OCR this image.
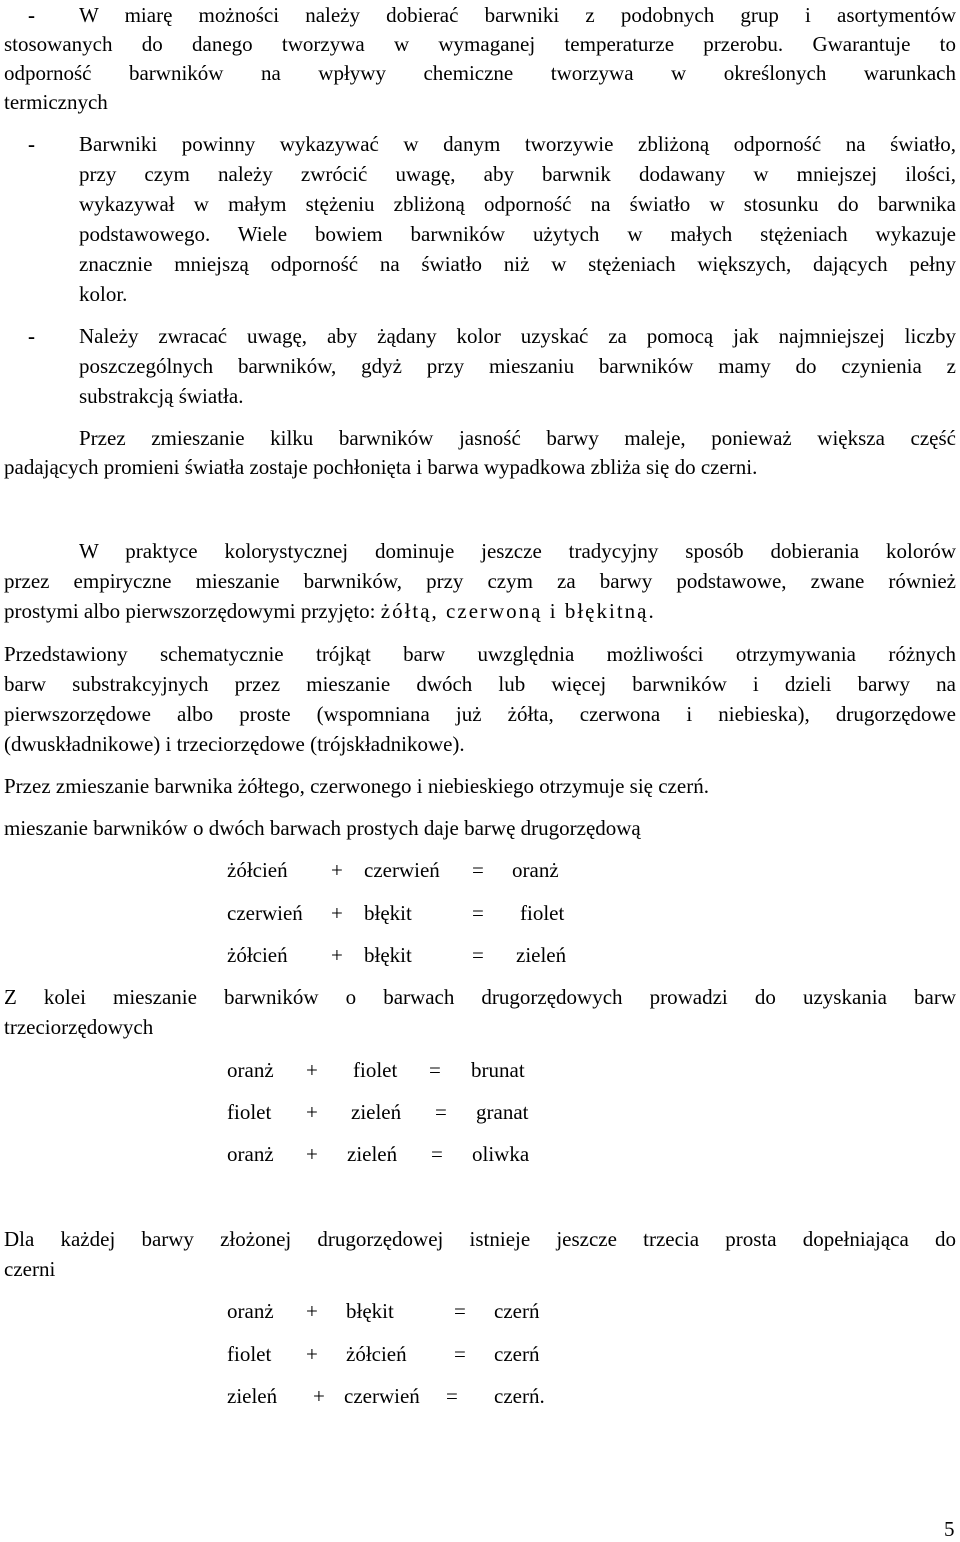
- W miarę możności należy dobierać barwniki z podobnych grup i asortymentów
stosowanych do danego tworzywa w wymaganej temperaturze przerobu. Gwarantuje to
odporność barwników na wpływy chemiczne tworzywa w określonych warunkach
termicznych
- Barwniki powinny wykazywać w danym tworzywie zbliżoną odporność na światło,
przy czym należy zwrócić uwagę, aby barwnik dodawany w mniejszej ilości,
wykazywał w małym stężeniu zbliżoną odporność na światło w stosunku do barwnika
podstawowego. Wiele bowiem barwników użytych w małych stężeniach wykazuje
znacznie mniejszą odporność na światło niż w stężeniach większych, dających pełny
kolor.
- Należy zwracać uwagę, aby żądany kolor uzyskać za pomocą jak najmniejszej liczby
poszczególnych barwników, gdyż przy mieszaniu barwników mamy do czynienia z
substrakcją światła.
Przez zmieszanie kilku barwników jasność barwy maleje, ponieważ większa część
padających promieni światła zostaje pochłonięta i barwa wypadkowa zbliża się do czerni.
W praktyce kolorystycznej dominuje jeszcze tradycyjny sposób dobierania kolorów
przez empiryczne mieszanie barwników, przy czym za barwy podstawowe, zwane również
prostymi albo pierwszorzędowymi przyjęto: żółtą, czerwoną i błękitną.
Przedstawiony schematycznie trójkąt barw uwzględnia możliwości otrzymywania różnych
barw substrakcyjnych przez mieszanie dwóch lub więcej barwników i dzieli barwy na
pierwszorzędowe albo proste (wspomniana już żółta, czerwona i niebieska), drugorzędowe
(dwuskładnikowe) i trzeciorzędowe (trójskładnikowe).
Przez zmieszanie barwnika żółtego, czerwonego i niebieskiego otrzymuje się czerń.
mieszanie barwników o dwóch barwach prostych daje barwę drugorzędową
żółcień + czerwień = oranż
czerwień + błękit	= fiolet
żółcień + błękit	= zieleń
Z kolei mieszanie barwników o barwach drugorzędowych prowadzi do uzyskania barw
trzeciorzędowych
oranż + fiolet = brunat
fiolet + zieleń = granat
oranż + zieleń = oliwka
Dla każdej barwy złożonej drugorzędowej istnieje jeszcze trzecia prosta dopełniająca do
czerni
oranż + błękit	= czerń
fiolet + żółcień = czerń
zieleń + czerwień = czerń.
5
